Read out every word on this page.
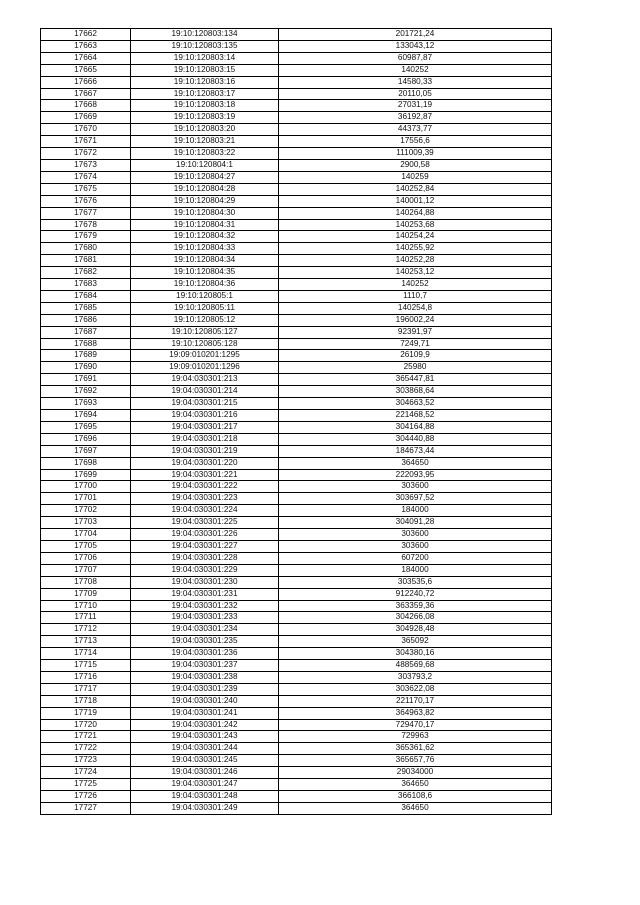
17662	19:10:120803:134	201721,24
17663	19:10:120803:135	133043,12
17664	19:10:120803:14	60987,87
17665	19:10:120803:15	140252
17666	19:10:120803:16	14580,33
17667	19:10:120803:17	20110,05
17668	19:10:120803:18	27031,19
17669	19:10:120803:19	36192,87
17670	19:10:120803:20	44373,77
17671	19:10:120803:21	17556,6
17672	19:10:120803:22	111009,39
17673	19:10:120804:1	2900,58
17674	19:10:120804:27	140259
17675	19:10:120804:28	140252,84
17676	19:10:120804:29	140001,12
17677	19:10:120804:30	140264,88
17678	19:10:120804:31	140253,68
17679	19:10:120804:32	140254,24
17680	19:10:120804:33	140255,92
17681	19:10:120804:34	140252,28
17682	19:10:120804:35	140253,12
17683	19:10:120804:36	140252
17684	19:10:120805:1	1110,7
17685	19:10:120805:11	140254,8
17686	19:10:120805:12	196002,24
17687	19:10:120805:127	92391,97
17688	19:10:120805:128	7249,71
17689	19:09:010201:1295	26109,9
17690	19:09:010201:1296	25980
17691	19:04:030301:213	365447,81
17692	19:04:030301:214	303868,64
17693	19:04:030301:215	304663,52
17694	19:04:030301:216	221468,52
17695	19:04:030301:217	304164,88
17696	19:04:030301:218	304440,88
17697	19:04:030301:219	184673,44
17698	19:04:030301:220	364650
17699	19:04:030301:221	222093,95
17700	19:04:030301:222	303600
17701	19:04:030301:223	303697,52
17702	19:04:030301:224	184000
17703	19:04:030301:225	304091,28
17704	19:04:030301:226	303600
17705	19:04:030301:227	303600
17706	19:04:030301:228	607200
17707	19:04:030301:229	184000
17708	19:04:030301:230	303535,6
17709	19:04:030301:231	912240,72
17710	19:04:030301:232	363359,36
17711	19:04:030301:233	304266,08
17712	19:04:030301:234	304928,48
17713	19:04:030301:235	365092
17714	19:04:030301:236	304380,16
17715	19:04:030301:237	488569,68
17716	19:04:030301:238	303793,2
17717	19:04:030301:239	303622,08
17718	19:04:030301:240	221170,17
17719	19:04:030301:241	364963,82
17720	19:04:030301:242	729470,17
17721	19:04:030301:243	729963
17722	19:04:030301:244	365361,62
17723	19:04:030301:245	365657,76
17724	19:04:030301:246	29034000
17725	19:04:030301:247	364650
17726	19:04:030301:248	366108,6
17727	19:04:030301:249	364650
